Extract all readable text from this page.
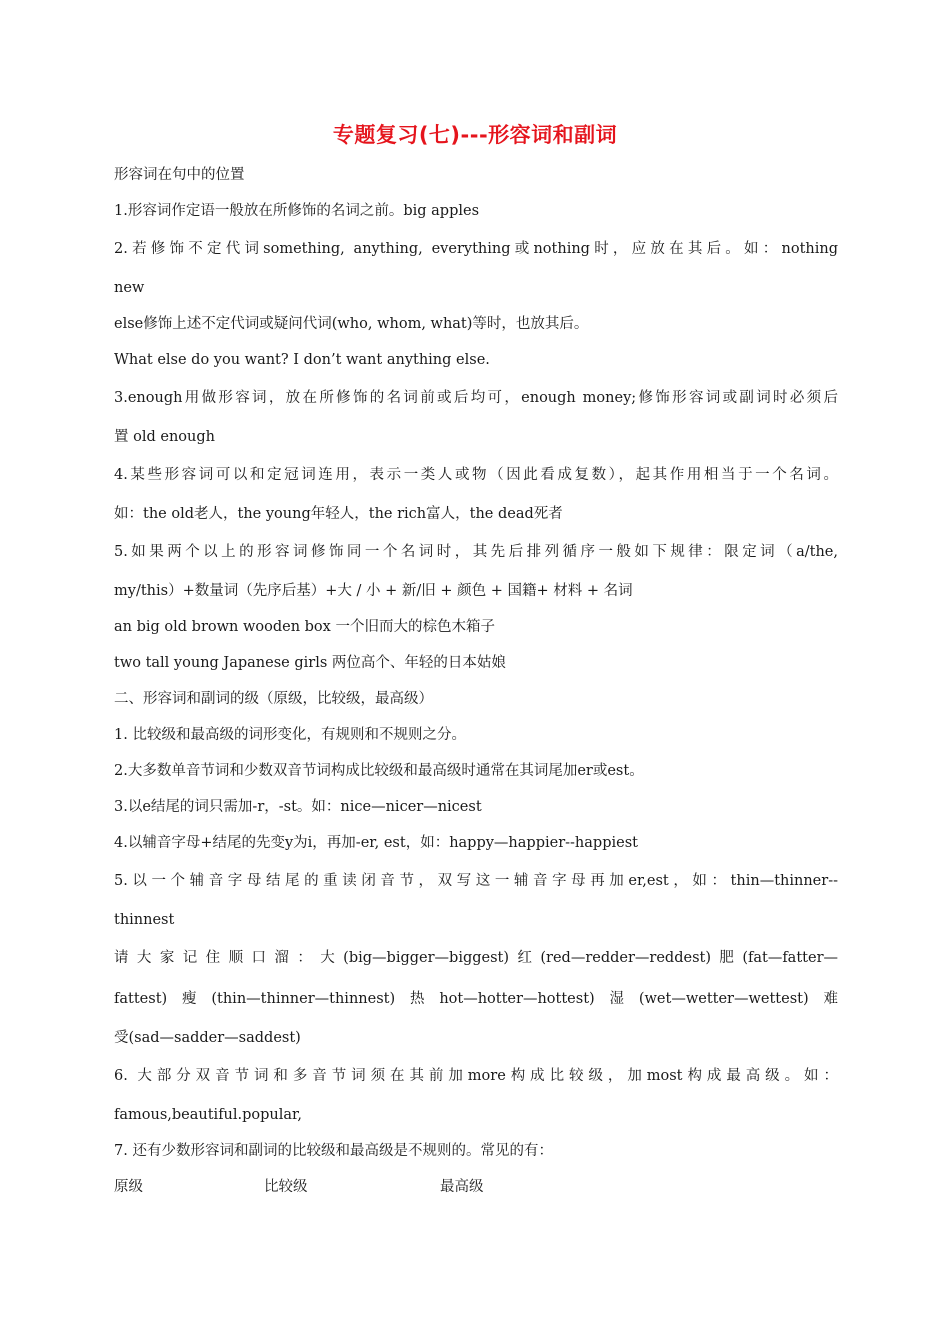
专题复习(七)---形容词和副词
形容词在句中的位置
1.形容词作定语一般放在所修饰的名词之前。big apples
2.若修饰不定代词something, anything, everything或nothing时，应放在其后。如：nothing
new
else修饰上述不定代词或疑问代词(who, whom, what)等时，也放其后。
What else do you want? I don’t want anything else.
3.enough用做形容词，放在所修饰的名词前或后均可，enough money;修饰形容词或副词时必须后
置 old enough
4.某些形容词可以和定冠词连用，表示一类人或物（因此看成复数），起其作用相当于一个名词。
如：the old老人，the young年轻人，the rich富人，the dead死者
5.如果两个以上的形容词修饰同一个名词时，其先后排列循序一般如下规律：限定词（a/the,
my/this）+数量词（先序后基）+大 / 小 + 新/旧 + 颜色 + 国籍+ 材料 + 名词
an big old brown wooden box 一个旧而大的棕色木箱子
two tall young Japanese girls 两位高个、年轻的日本姑娘
二、形容词和副词的级（原级，比较级，最高级）
1. 比较级和最高级的词形变化，有规则和不规则之分。
2.大多数单音节词和少数双音节词构成比较级和最高级时通常在其词尾加er或est。
3.以e结尾的词只需加-r，-st。如：nice—nicer—nicest
4.以辅音字母+结尾的先变y为i，再加-er, est，如：happy—happier--happiest
5.以一个辅音字母结尾的重读闭音节，双写这一辅音字母再加er,est，如：thin—thinner--
thinnest
请大家记住顺口溜：大(big—bigger—biggest)红(red—redder—reddest)肥(fat—fatter—
fattest)瘦(thin—thinner—thinnest)热hot—hotter—hottest)湿(wet—wetter—wettest)难
受(sad—sadder—saddest)
6. 大部分双音节词和多音节词须在其前加more构成比较级，加most构成最高级。如：
famous,beautiful.popular,
7. 还有少数形容词和副词的比较级和最高级是不规则的。常见的有：
原级	比较级	最高级
